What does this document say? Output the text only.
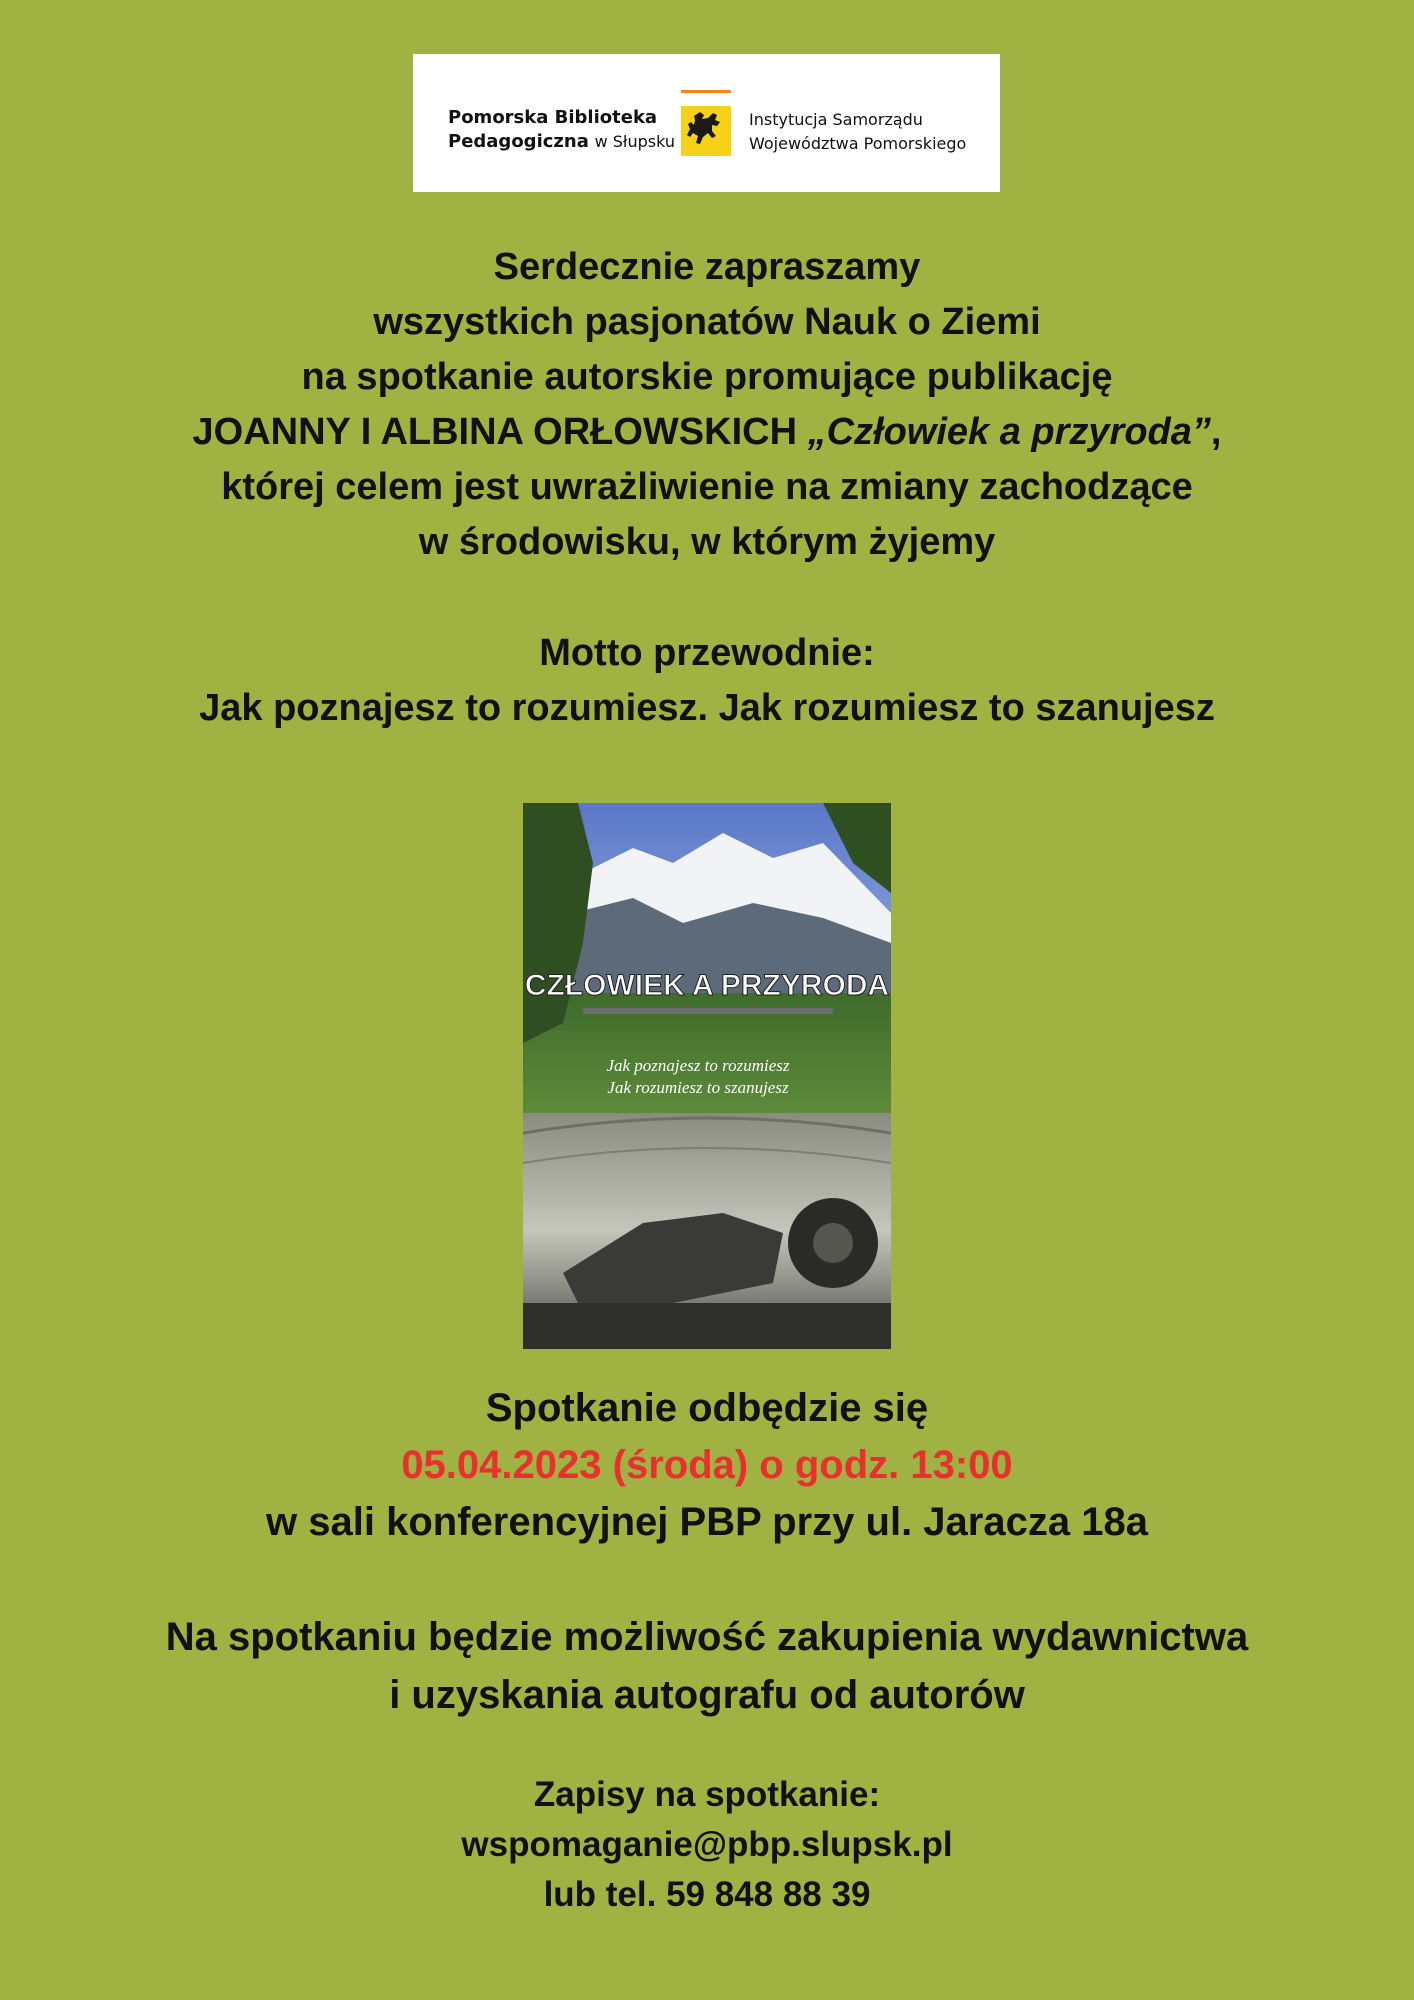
Pomorska Biblioteka
Pedagogiczna w Słupsku
Instytucja Samorządu
Województwa Pomorskiego
Serdecznie zapraszamy
wszystkich pasjonatów Nauk o Ziemi
na spotkanie autorskie promujące publikację
JOANNY I ALBINA ORŁOWSKICH „Człowiek a przyroda”,
której celem jest uwrażliwienie na zmiany zachodzące
w środowisku, w którym żyjemy
Motto przewodnie:
Jak poznajesz to rozumiesz. Jak rozumiesz to szanujesz
CZŁOWIEK A PRZYRODA
Jak poznajesz to rozumiesz
Jak rozumiesz to szanujesz
Spotkanie odbędzie się
05.04.2023 (środa) o godz. 13:00
w sali konferencyjnej PBP przy ul. Jaracza 18a
Na spotkaniu będzie możliwość zakupienia wydawnictwa
i uzyskania autografu od autorów
Zapisy na spotkanie:
wspomaganie@pbp.slupsk.pl
lub tel. 59 848 88 39
